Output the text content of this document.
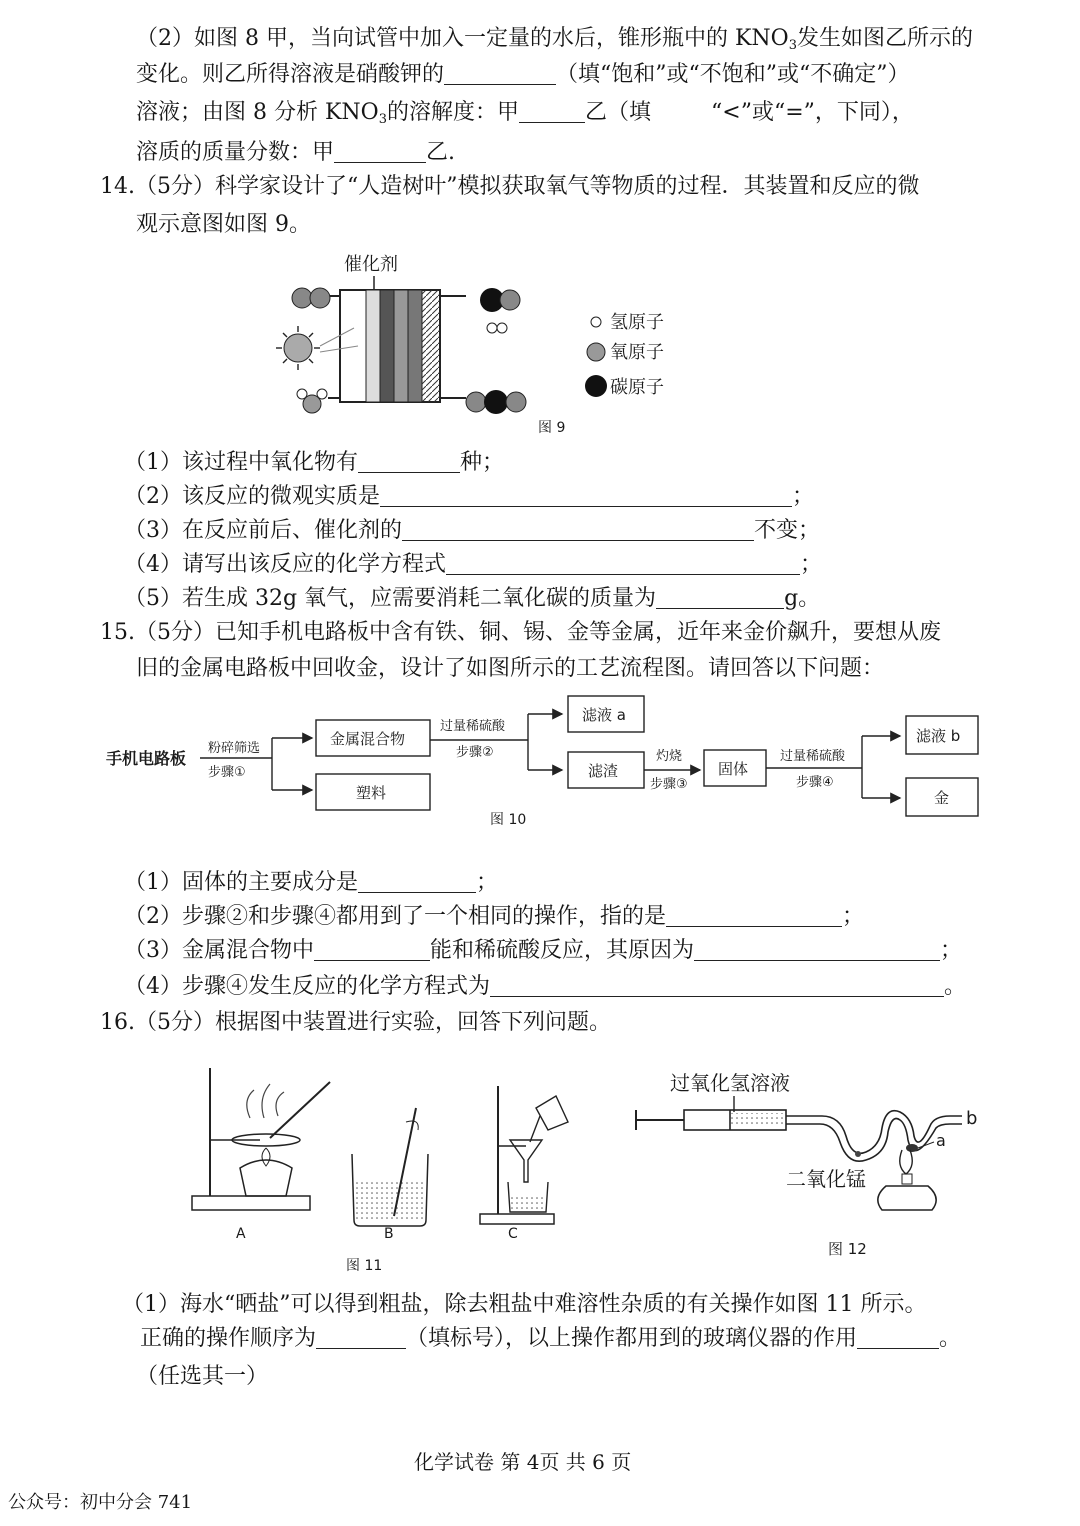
（2）如图 8 甲，当向试管中加入一定量的水后，锥形瓶中的 $KNO_3$发生如图乙所示的
变化。则乙所得溶液是硝酸钾的	（填“饱和”或“不饱和”或“不确定”）
溶液；由图 8 分析 $KNO_3$的溶解度：甲	乙（填	“<”或“=”，下同），
溶质的质量分数：甲	乙.
14.（5分）科学家设计了“人造树叶”模拟获取氧气等物质的过程．其装置和反应的微
观示意图如图 9。
催化剂
氢原子
氧原子
碳原子
图 9
（1）该过程中氧化物有	种；
（2）该反应的微观实质是	；
（3）在反应前后、催化剂的	不变；
（4）请写出该反应的化学方程式	；
（5）若生成 32g 氧气，应需要消耗二氧化碳的质量为	g。
15.（5分）已知手机电路板中含有铁、铜、锡、金等金属，近年来金价飙升，要想从废
旧的金属电路板中回收金，设计了如图所示的工艺流程图。请回答以下问题：
手机电路板
粉碎筛选
步骤①
金属混合物
塑料
过量稀硫酸
步骤②
滤液 a
滤渣
灼烧
步骤③
固体
过量稀硫酸
步骤④
滤液 b
金
图 10
（1）固体的主要成分是	；
（2）步骤②和步骤④都用到了一个相同的操作，指的是	；
（3）金属混合物中	能和稀硫酸反应，其原因为	；
（4）步骤④发生反应的化学方程式为	。
16.（5分）根据图中装置进行实验，回答下列问题。
A	B	C
图 11
过氧化氢溶液
a
b
二氧化锰
图 12
（1）海水“晒盐”可以得到粗盐，除去粗盐中难溶性杂质的有关操作如图 11 所示。
正确的操作顺序为	（填标号），以上操作都用到的玻璃仪器的作用	。
（任选其一）
化学试卷 第 4页 共 6 页
公众号：初中分会 741
